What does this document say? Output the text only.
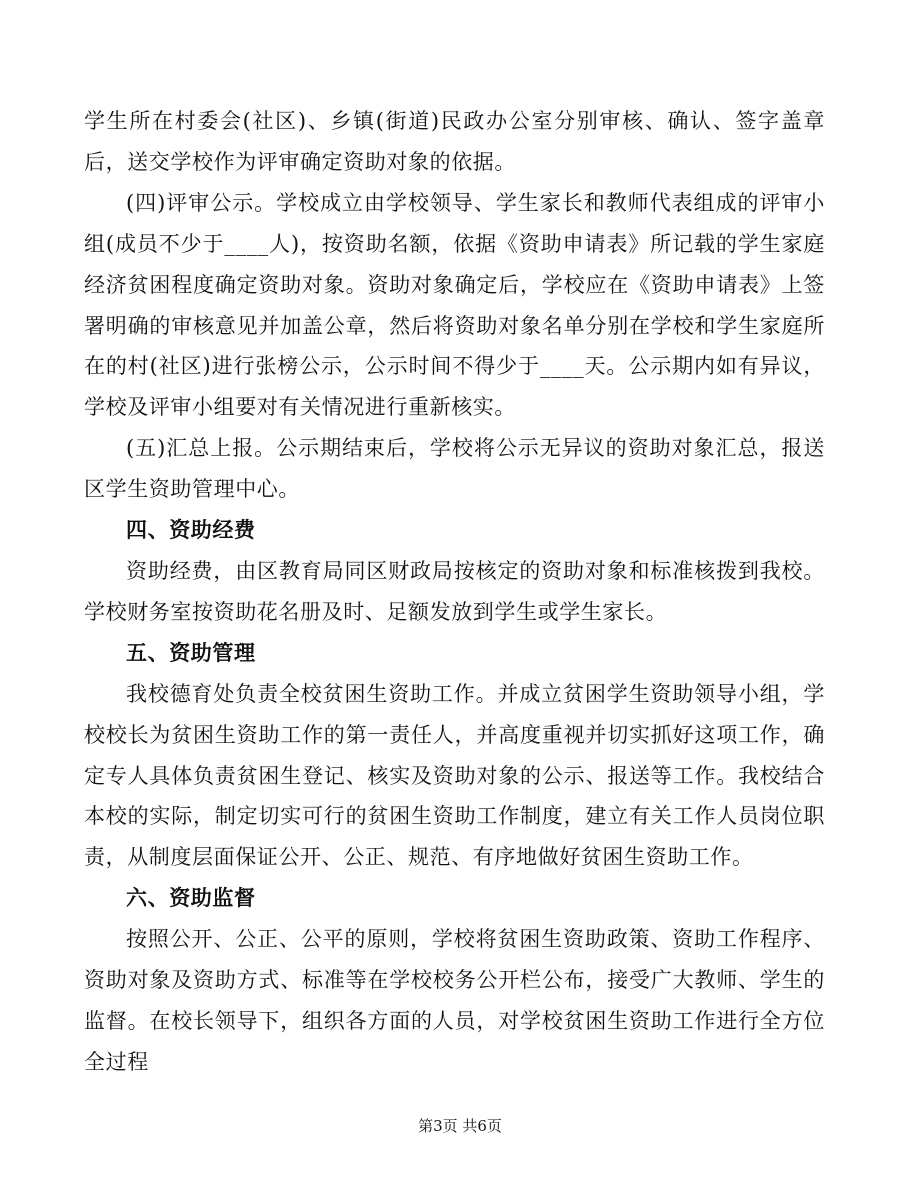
学生所在村委会(社区)、乡镇(街道)民政办公室分别审核、确认、签字盖章后，送交学校作为评审确定资助对象的依据。

(四)评审公示。学校成立由学校领导、学生家长和教师代表组成的评审小组(成员不少于____人)，按资助名额，依据《资助申请表》所记载的学生家庭经济贫困程度确定资助对象。资助对象确定后，学校应在《资助申请表》上签署明确的审核意见并加盖公章，然后将资助对象名单分别在学校和学生家庭所在的村(社区)进行张榜公示，公示时间不得少于____天。公示期内如有异议，学校及评审小组要对有关情况进行重新核实。

(五)汇总上报。公示期结束后，学校将公示无异议的资助对象汇总，报送区学生资助管理中心。

四、资助经费

资助经费，由区教育局同区财政局按核定的资助对象和标准核拨到我校。学校财务室按资助花名册及时、足额发放到学生或学生家长。

五、资助管理

我校德育处负责全校贫困生资助工作。并成立贫困学生资助领导小组，学校校长为贫困生资助工作的第一责任人，并高度重视并切实抓好这项工作，确定专人具体负责贫困生登记、核实及资助对象的公示、报送等工作。我校结合本校的实际，制定切实可行的贫困生资助工作制度，建立有关工作人员岗位职责，从制度层面保证公开、公正、规范、有序地做好贫困生资助工作。

六、资助监督

按照公开、公正、公平的原则，学校将贫困生资助政策、资助工作程序、资助对象及资助方式、标准等在学校校务公开栏公布，接受广大教师、学生的监督。在校长领导下，组织各方面的人员，对学校贫困生资助工作进行全方位全过程

第3页 共6页
